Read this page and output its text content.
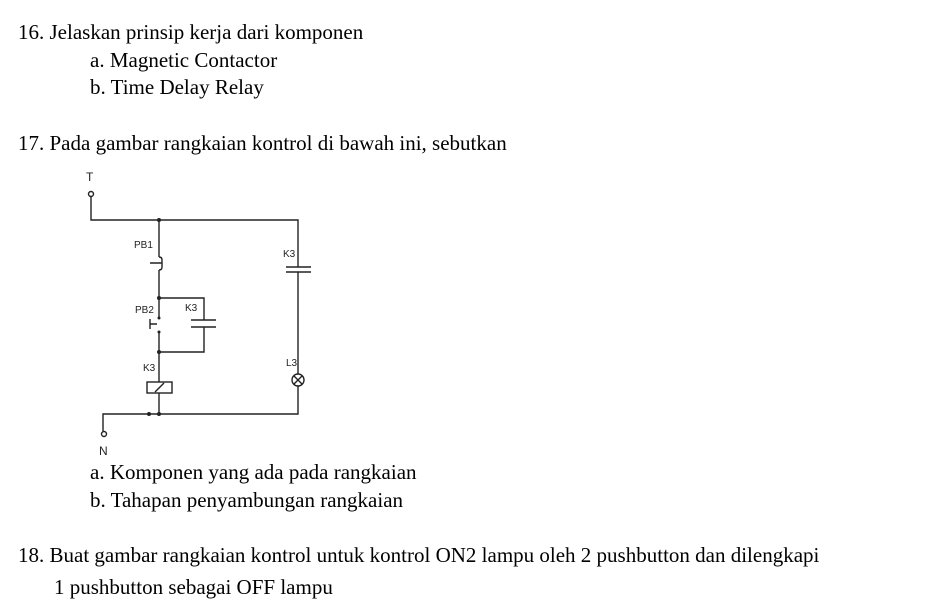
16. Jelaskan prinsip kerja dari komponen
a. Magnetic Contactor
b. Time Delay Relay
17. Pada gambar rangkaian kontrol di bawah ini, sebutkan
a. Komponen yang ada pada rangkaian
b. Tahapan penyambungan rangkaian
18. Buat gambar rangkaian kontrol untuk kontrol ON2 lampu oleh 2 pushbutton dan dilengkapi
1 pushbutton sebagai OFF lampu
T
N
PB1
PB2	K3
K3
K3
L3
